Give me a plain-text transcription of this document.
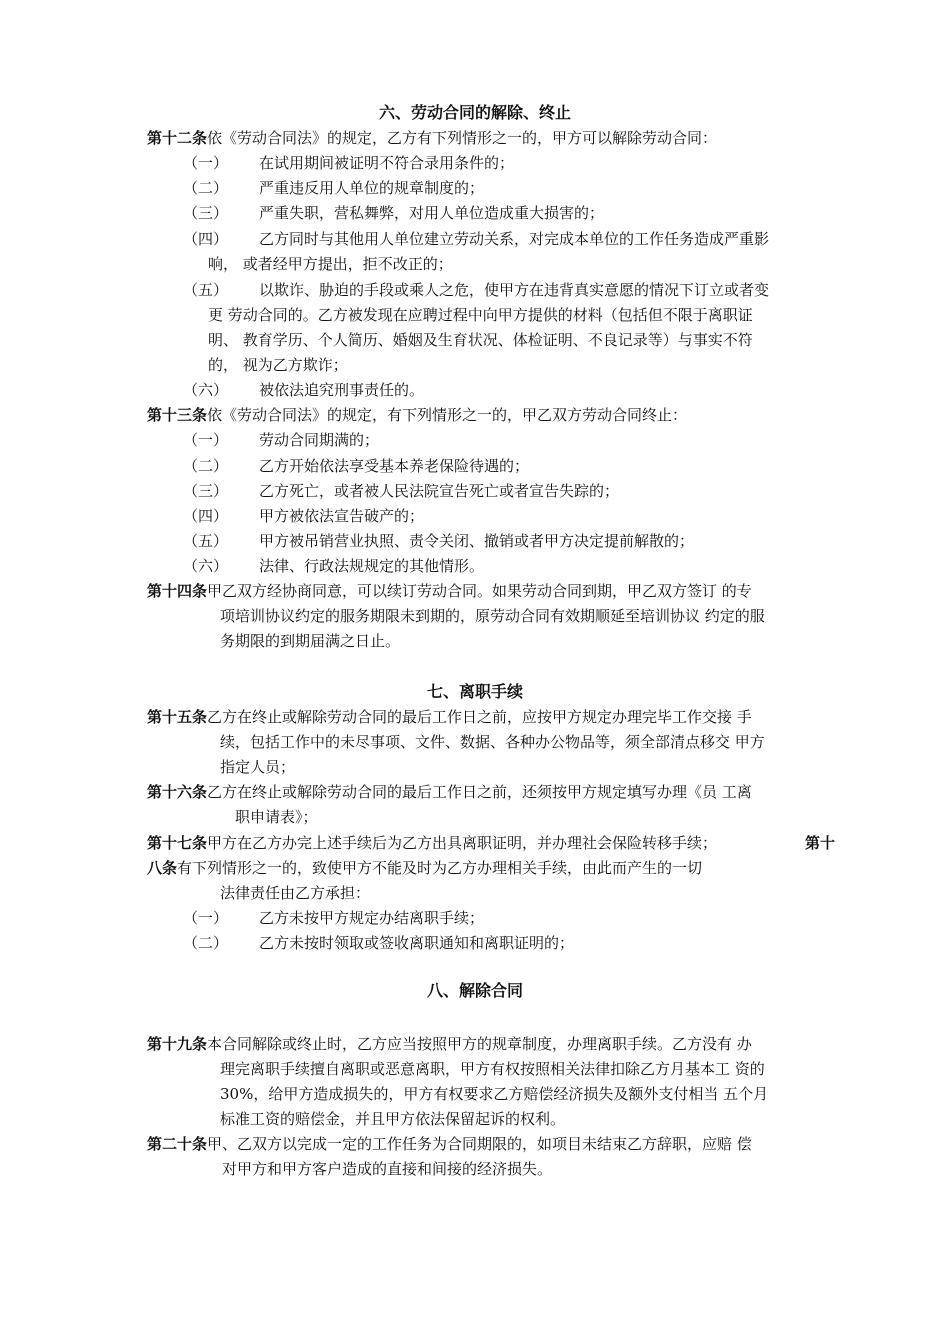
六、劳动合同的解除、终止
第十二条依《劳动合同法》的规定，乙方有下列情形之一的，甲方可以解除劳动合同：
（一） 在试用期间被证明不符合录用条件的；
（二） 严重违反用人单位的规章制度的；
（三） 严重失职，营私舞弊，对用人单位造成重大损害的；
（四） 乙方同时与其他用人单位建立劳动关系，对完成本单位的工作任务造成严重影
响， 或者经甲方提出，拒不改正的；
（五） 以欺诈、胁迫的手段或乘人之危，使甲方在违背真实意愿的情况下订立或者变
更 劳动合同的。乙方被发现在应聘过程中向甲方提供的材料（包括但不限于离职证
明、 教育学历、个人简历、婚姻及生育状况、体检证明、不良记录等）与事实不符
的， 视为乙方欺诈；
（六） 被依法追究刑事责任的。
第十三条依《劳动合同法》的规定，有下列情形之一的，甲乙双方劳动合同终止：
（一） 劳动合同期满的；
（二） 乙方开始依法享受基本养老保险待遇的；
（三） 乙方死亡，或者被人民法院宣告死亡或者宣告失踪的；
（四） 甲方被依法宣告破产的；
（五） 甲方被吊销营业执照、责令关闭、撤销或者甲方决定提前解散的；
（六） 法律、行政法规规定的其他情形。
第十四条甲乙双方经协商同意，可以续订劳动合同。如果劳动合同到期，甲乙双方签订 的专
项培训协议约定的服务期限未到期的，原劳动合同有效期顺延至培训协议 约定的服
务期限的到期届满之日止。
七、离职手续
第十五条乙方在终止或解除劳动合同的最后工作日之前，应按甲方规定办理完毕工作交接 手
续，包括工作中的未尽事项、文件、数据、各种办公物品等，须全部清点移交 甲方
指定人员；
第十六条乙方在终止或解除劳动合同的最后工作日之前，还须按甲方规定填写办理《员 工离
职申请表》；
第十七条甲方在乙方办完上述手续后为乙方出具离职证明，并办理社会保险转移手续；	第十
八条有下列情形之一的，致使甲方不能及时为乙方办理相关手续，由此而产生的一切
法律责任由乙方承担：
（一） 乙方未按甲方规定办结离职手续；
（二） 乙方未按时领取或签收离职通知和离职证明的；
八、解除合同
第十九条本合同解除或终止时，乙方应当按照甲方的规章制度，办理离职手续。乙方没有 办
理完离职手续擅自离职或恶意离职，甲方有权按照相关法律扣除乙方月基本工 资的
30%，给甲方造成损失的，甲方有权要求乙方赔偿经济损失及额外支付相当 五个月
标准工资的赔偿金，并且甲方依法保留起诉的权利。
第二十条甲、乙双方以完成一定的工作任务为合同期限的，如项目未结束乙方辞职，应赔 偿
对甲方和甲方客户造成的直接和间接的经济损失。
